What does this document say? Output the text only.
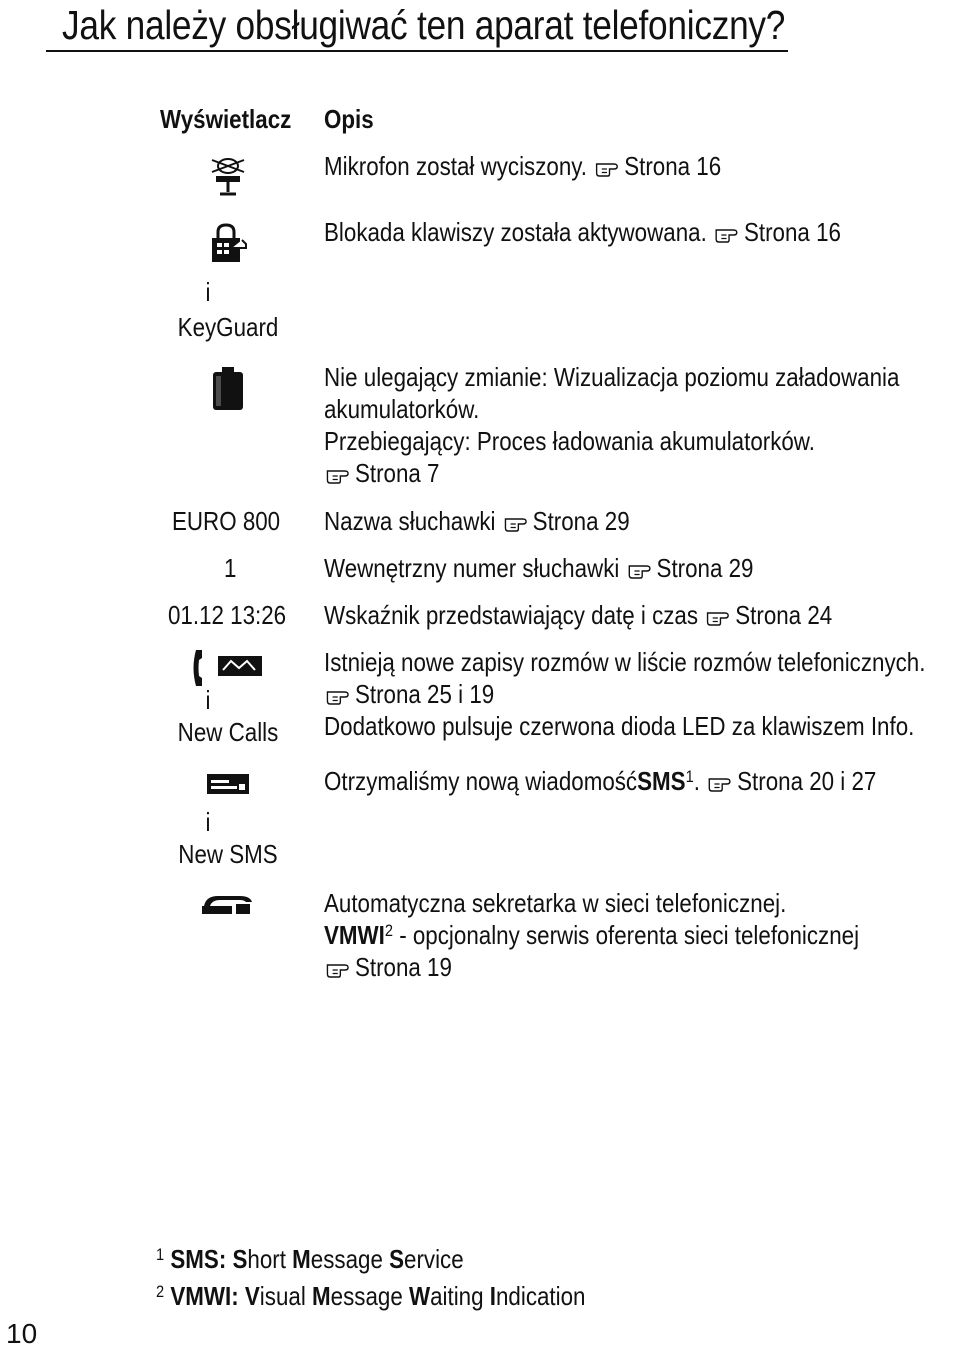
Jak należy obsługiwać ten aparat telefoniczny?
Wyświetlacz Opis
Mikrofon został wyciszony. Strona 16
Blokada klawiszy została aktywowana. Strona 16
i
KeyGuard
Nie ulegający zmianie: Wizualizacja poziomu załadowania
akumulatorków.
Przebiegający: Proces ładowania akumulatorków.
Strona 7
EURO 800 Nazwa słuchawki Strona 29
1	Wewnętrzny numer słuchawki Strona 29
01.12 13:26 Wskaźnik przedstawiający datę i czas Strona 24
Istnieją nowe zapisy rozmów w liście rozmów telefonicznych.
Strona 25 i 19
Dodatkowo pulsuje czerwona dioda LED za klawiszem Info.
i
New Calls
Otrzymaliśmy nową wiadomośćSMS$^1$. Strona 20 i 27
i
New SMS
Automatyczna sekretarka w sieci telefonicznej.
VMWI$^2$ - opcjonalny serwis oferenta sieci telefonicznej
Strona 19
$^1$ SMS: Short Message Service
$^2$ VMWI: Visual Message Waiting Indication
10
